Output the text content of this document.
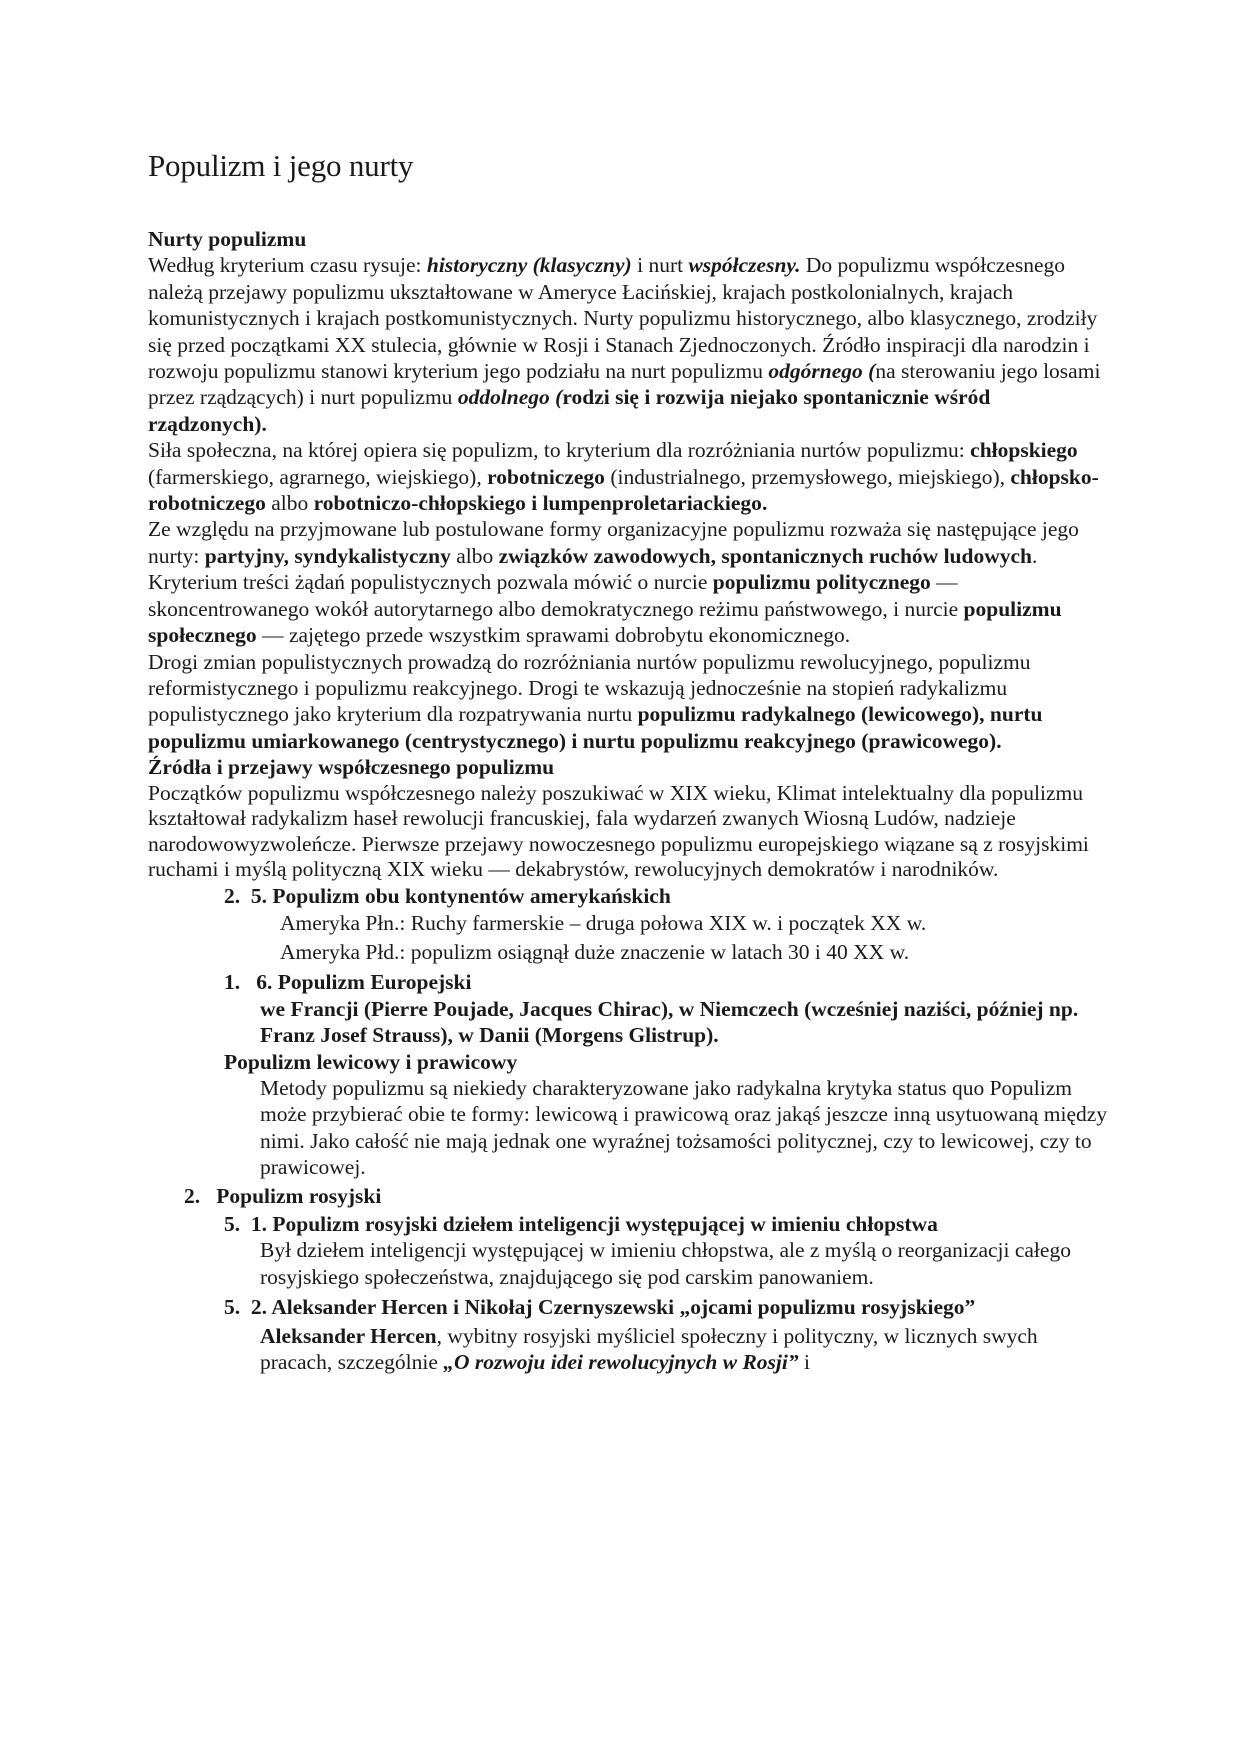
Populizm i jego nurty

Nurty populizmu

Według kryterium czasu rysuje: historyczny (klasyczny) i nurt współczesny. Do populizmu współczesnego należą przejawy populizmu ukształtowane w Ameryce Łacińskiej, krajach postkolonialnych, krajach komunistycznych i krajach postkomunistycznych. Nurty populizmu historycznego, albo klasycznego, zrodziły się przed początkami XX stulecia, głównie w Rosji i Stanach Zjednoczonych. Źródło inspiracji dla narodzin i rozwoju populizmu stanowi kryterium jego podziału na nurt populizmu odgórnego (na sterowaniu jego losami przez rządzących) i nurt populizmu oddolnego (rodzi się i rozwija niejako spontanicznie wśród rządzonych).

Siła społeczna, na której opiera się populizm, to kryterium dla rozróżniania nurtów populizmu: chłopskiego (farmerskiego, agrarnego, wiejskiego), robotniczego (industrialnego, przemysłowego, miejskiego), chłopsko-robotniczego albo robotniczo-chłopskiego i lumpenproletariackiego.

Ze względu na przyjmowane lub postulowane formy organizacyjne populizmu rozważa się następujące jego nurty: partyjny, syndykalistyczny albo związków zawodowych, spontanicznych ruchów ludowych.

Kryterium treści żądań populistycznych pozwala mówić o nurcie populizmu politycznego — skoncentrowanego wokół autorytarnego albo demokratycznego reżimu państwowego, i nurcie populizmu społecznego — zajętego przede wszystkim sprawami dobrobytu ekonomicznego.

Drogi zmian populistycznych prowadzą do rozróżniania nurtów populizmu rewolucyjnego, populizmu reformistycznego i populizmu reakcyjnego. Drogi te wskazują jednocześnie na stopień radykalizmu populistycznego jako kryterium dla rozpatrywania nurtu populizmu radykalnego (lewicowego), nurtu populizmu umiarkowanego (centrystycznego) i nurtu populizmu reakcyjnego (prawicowego).

Źródła i przejawy współczesnego populizmu

Początków populizmu współczesnego należy poszukiwać w XIX wieku, Klimat intelektualny dla populizmu kształtował radykalizm haseł rewolucji francuskiej, fala wydarzeń zwanych Wiosną Ludów, nadzieje narodowowyzwoleńcze. Pierwsze przejawy nowoczesnego populizmu europejskiego wiązane są z rosyjskimi ruchami i myślą polityczną XIX wieku — dekabrystów, rewolucyjnych demokratów i narodników.

2. 5. Populizm obu kontynentów amerykańskich

Ameryka Płn.: Ruchy farmerskie – druga połowa XIX w. i początek XX w.

Ameryka Płd.: populizm osiągnął duże znaczenie w latach 30 i 40 XX w.

1. 6. Populizm Europejski

we Francji (Pierre Poujade, Jacques Chirac), w Niemczech (wcześniej naziści, później np. Franz Josef Strauss), w Danii (Morgens Glistrup).

Populizm lewicowy i prawicowy

Metody populizmu są niekiedy charakteryzowane jako radykalna krytyka status quo Populizm może przybierać obie te formy: lewicową i prawicową oraz jakąś jeszcze inną usytuowaną między nimi. Jako całość nie mają jednak one wyraźnej tożsamości politycznej, czy to lewicowej, czy to prawicowej.

2. Populizm rosyjski

5. 1. Populizm rosyjski dziełem inteligencji występującej w imieniu chłopstwa

Był dziełem inteligencji występującej w imieniu chłopstwa, ale z myślą o reorganizacji całego rosyjskiego społeczeństwa, znajdującego się pod carskim panowaniem.

5. 2. Aleksander Hercen i Nikołaj Czernyszewski „ojcami populizmu rosyjskiego”

Aleksander Hercen, wybitny rosyjski myśliciel społeczny i polityczny, w licznych swych pracach, szczególnie „O rozwoju idei rewolucyjnych w Rosji” i
